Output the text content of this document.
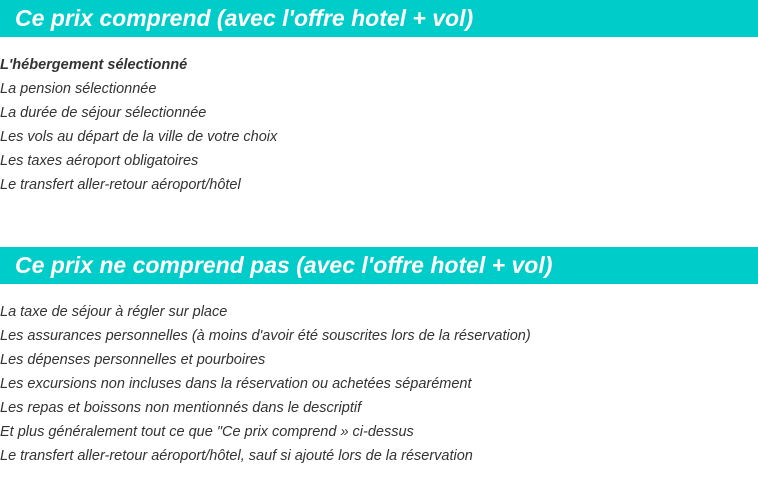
Ce prix comprend (avec l'offre hotel + vol)
L'hébergement sélectionné
La pension sélectionnée
La durée de séjour sélectionnée
Les vols au départ de la ville de votre choix
Les taxes aéroport obligatoires
Le transfert aller-retour aéroport/hôtel
Ce prix ne comprend pas (avec l'offre hotel + vol)
La taxe de séjour à régler sur place
Les assurances personnelles (à moins d'avoir été souscrites lors de la réservation)
Les dépenses personnelles et pourboires
Les excursions non incluses dans la réservation ou achetées séparément
Les repas et boissons non mentionnés dans le descriptif
Et plus généralement tout ce que "Ce prix comprend » ci-dessus
Le transfert aller-retour aéroport/hôtel, sauf si ajouté lors de la réservation
